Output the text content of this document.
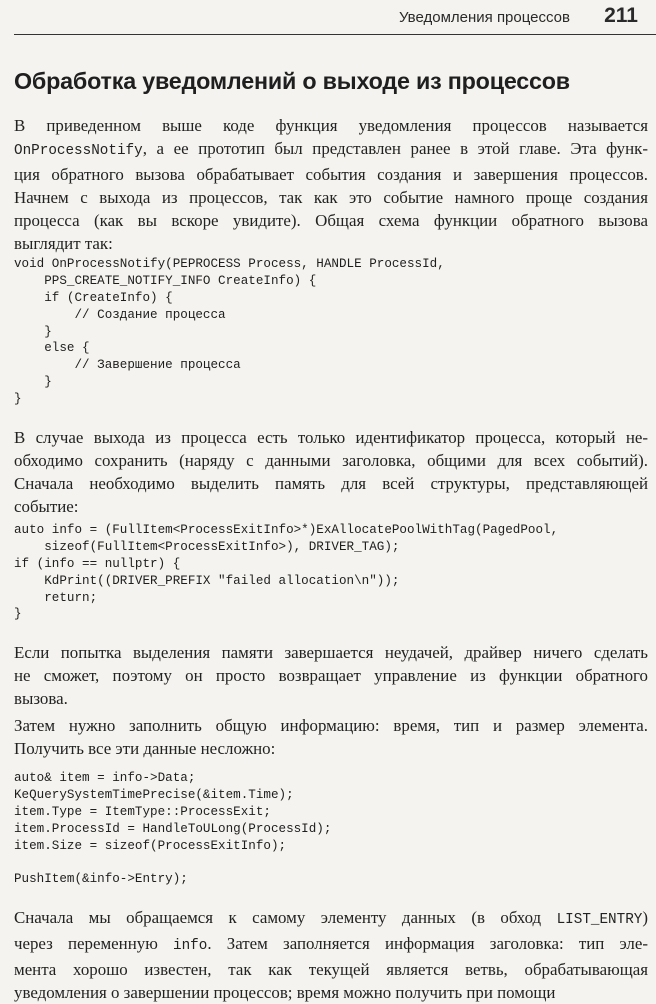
Уведомления процессов 211
Обработка уведомлений о выходе из процессов
В приведенном выше коде функция уведомления процессов называется
OnProcessNotify, а ее прототип был представлен ранее в этой главе. Эта функ-
ция обратного вызова обрабатывает события создания и завершения процессов.
Начнем с выхода из процессов, так как это событие намного проще создания
процесса (как вы вскоре увидите). Общая схема функции обратного вызова
выглядит так:
void OnProcessNotify(PEPROCESS Process, HANDLE ProcessId,
PPS_CREATE_NOTIFY_INFO CreateInfo) {
if (CreateInfo) {
// Создание процесса
}
else {
// Завершение процесса
}
}
В случае выхода из процесса есть только идентификатор процесса, который не-
обходимо сохранить (наряду с данными заголовка, общими для всех событий).
Сначала необходимо выделить память для всей структуры, представляющей
событие:
auto info = (FullItem<ProcessExitInfo>*)ExAllocatePoolWithTag(PagedPool,
sizeof(FullItem<ProcessExitInfo>), DRIVER_TAG);
if (info == nullptr) {
KdPrint((DRIVER_PREFIX "failed allocation\n"));
return;
}
Если попытка выделения памяти завершается неудачей, драйвер ничего сделать
не сможет, поэтому он просто возвращает управление из функции обратного
вызова.
Затем нужно заполнить общую информацию: время, тип и размер элемента.
Получить все эти данные несложно:
auto& item = info->Data;
KeQuerySystemTimePrecise(&item.Time);
item.Type = ItemType::ProcessExit;
item.ProcessId = HandleToULong(ProcessId);
item.Size = sizeof(ProcessExitInfo);
PushItem(&info->Entry);
Сначала мы обращаемся к самому элементу данных (в обход LIST_ENTRY)
через переменную info. Затем заполняется информация заголовка: тип эле-
мента хорошо известен, так как текущей является ветвь, обрабатывающая
уведомления о завершении процессов; время можно получить при помощи
